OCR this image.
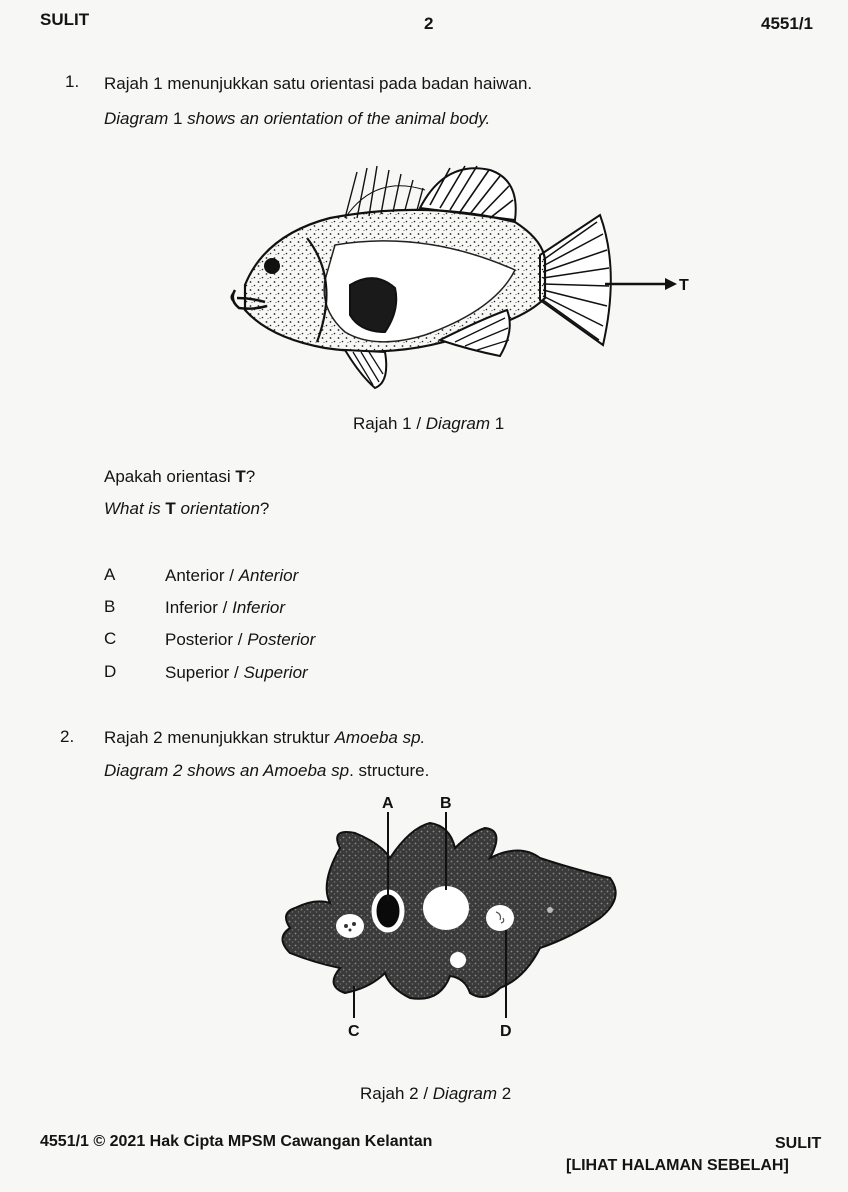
SULIT	2	4551/1
1. Rajah 1 menunjukkan satu orientasi pada badan haiwan.
Diagram 1 shows an orientation of the animal body.
T
Rajah 1 / Diagram 1
Apakah orientasi T?
What is T orientation?
A	Anterior / Anterior
B	Inferior / Inferior
C	Posterior / Posterior
D	Superior / Superior
2. Rajah 2 menunjukkan struktur Amoeba sp.
Diagram 2 shows an Amoeba sp. structure.
A	B
C	D
Rajah 2 / Diagram 2
4551/1 © 2021 Hak Cipta MPSM Cawangan Kelantan	SULIT
[LIHAT HALAMAN SEBELAH]
